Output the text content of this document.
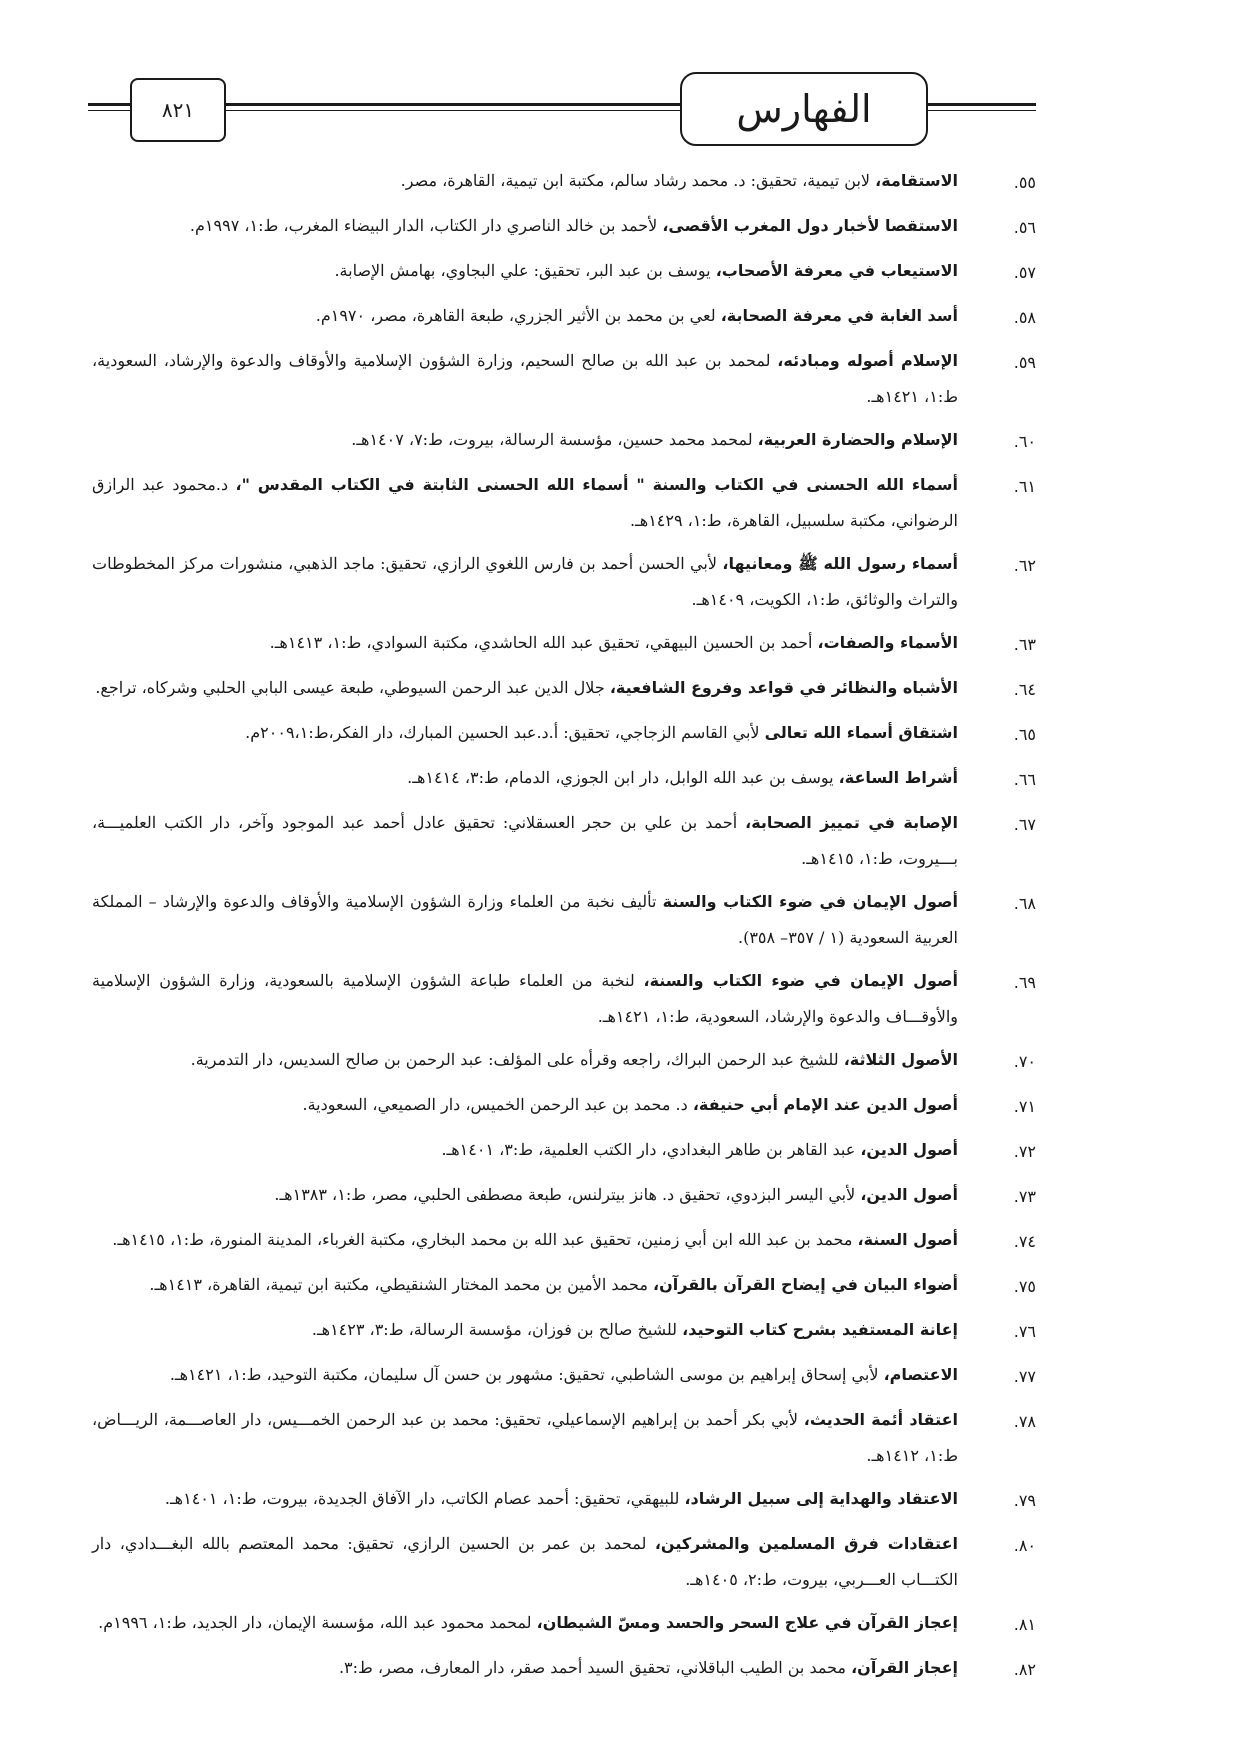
٨٢١	الفهارس
٥٥.
الاستقامة، لابن تيمية، تحقيق: د. محمد رشاد سالم، مكتبة ابن تيمية، القاهرة، مصر.
٥٦.
الاستقصا لأخبار دول المغرب الأقصى، لأحمد بن خالد الناصري دار الكتاب، الدار البيضاء المغرب، ط:١، ١٩٩٧م.
٥٧.
الاستيعاب في معرفة الأصحاب، يوسف بن عبد البر، تحقيق: علي البجاوي، بهامش الإصابة.
٥٨.
أسد الغابة في معرفة الصحابة، لعي بن محمد بن الأثير الجزري، طبعة القاهرة، مصر، ١٩٧٠م.
٥٩.
الإسلام أصوله ومبادئه، لمحمد بن عبد الله بن صالح السحيم، وزارة الشؤون الإسلامية والأوقاف والدعوة والإرشاد، السعودية، ط:١، ١٤٢١هـ.
٦٠.
الإسلام والحضارة العربية، لمحمد محمد حسين، مؤسسة الرسالة، بيروت، ط:٧، ١٤٠٧هـ.
٦١.
أسماء الله الحسنى في الكتاب والسنة " أسماء الله الحسنى الثابتة في الكتاب المقدس "، د.محمود عبد الرازق الرضواني، مكتبة سلسبيل، القاهرة، ط:١، ١٤٢٩هـ.
٦٢.
أسماء رسول الله ﷺ ومعانيها، لأبي الحسن أحمد بن فارس اللغوي الرازي، تحقيق: ماجد الذهبي، منشورات مركز المخطوطات والتراث والوثائق، ط:١، الكويت، ١٤٠٩هـ.
٦٣.
الأسماء والصفات، أحمد بن الحسين البيهقي، تحقيق عبد الله الحاشدي، مكتبة السوادي، ط:١، ١٤١٣هـ.
٦٤.
الأشباه والنظائر في قواعد وفروع الشافعية، جلال الدين عبد الرحمن السيوطي، طبعة عيسى البابي الحلبي وشركاه، تراجع.
٦٥.
اشتقاق أسماء الله تعالى لأبي القاسم الزجاجي، تحقيق: أ.د.عبد الحسين المبارك، دار الفكر،ط:٢٠٠٩،١م.
٦٦.
أشراط الساعة، يوسف بن عبد الله الوابل، دار ابن الجوزي، الدمام، ط:٣، ١٤١٤هـ.
٦٧.
الإصابة في تمييز الصحابة، أحمد بن علي بن حجر العسقلاني: تحقيق عادل أحمد عبد الموجود وآخر، دار الكتب العلميـــة، بـــيروت، ط:١، ١٤١٥هـ.
٦٨.
أصول الإيمان في ضوء الكتاب والسنة تأليف نخبة من العلماء وزارة الشؤون الإسلامية والأوقاف والدعوة والإرشاد – المملكة العربية السعودية (١ / ٣٥٧– ٣٥٨).
٦٩.
أصول الإيمان في ضوء الكتاب والسنة، لنخبة من العلماء طباعة الشؤون الإسلامية بالسعودية، وزارة الشؤون الإسلامية والأوقـــاف والدعوة والإرشاد، السعودية، ط:١، ١٤٢١هـ.
٧٠.
الأصول الثلاثة، للشيخ عبد الرحمن البراك، راجعه وقرأه على المؤلف: عبد الرحمن بن صالح السديس، دار التدمرية.
٧١.
أصول الدين عند الإمام أبي حنيفة، د. محمد بن عبد الرحمن الخميس، دار الصميعي، السعودية.
٧٢.
أصول الدين، عبد القاهر بن طاهر البغدادي، دار الكتب العلمية، ط:٣، ١٤٠١هـ.
٧٣.
أصول الدين، لأبي اليسر البزدوي، تحقيق د. هانز بيترلنس، طبعة مصطفى الحلبي، مصر، ط:١، ١٣٨٣هـ.
٧٤.
أصول السنة، محمد بن عبد الله ابن أبي زمنين، تحقيق عبد الله بن محمد البخاري، مكتبة الغرباء، المدينة المنورة، ط:١، ١٤١٥هـ.
٧٥.
أضواء البيان في إيضاح القرآن بالقرآن، محمد الأمين بن محمد المختار الشنقيطي، مكتبة ابن تيمية، القاهرة، ١٤١٣هـ.
٧٦.
إعانة المستفيد بشرح كتاب التوحيد، للشيخ صالح بن فوزان، مؤسسة الرسالة، ط:٣، ١٤٢٣هـ.
٧٧.
الاعتصام، لأبي إسحاق إبراهيم بن موسى الشاطبي، تحقيق: مشهور بن حسن آل سليمان، مكتبة التوحيد، ط:١، ١٤٢١هـ.
٧٨.
اعتقاد أئمة الحديث، لأبي بكر أحمد بن إبراهيم الإسماعيلي، تحقيق: محمد بن عبد الرحمن الخمـــيس، دار العاصـــمة، الريـــاض، ط:١، ١٤١٢هـ.
٧٩.
الاعتقاد والهداية إلى سبيل الرشاد، للبيهقي، تحقيق: أحمد عصام الكاتب، دار الآفاق الجديدة، بيروت، ط:١، ١٤٠١هـ.
٨٠.
اعتقادات فرق المسلمين والمشركين، لمحمد بن عمر بن الحسين الرازي، تحقيق: محمد المعتصم بالله البغـــدادي، دار الكتـــاب العـــربي، بيروت، ط:٢، ١٤٠٥هـ.
٨١.
إعجاز القرآن في علاج السحر والحسد ومسّ الشيطان، لمحمد محمود عبد الله، مؤسسة الإيمان، دار الجديد، ط:١، ١٩٩٦م.
٨٢.
إعجاز القرآن، محمد بن الطيب الباقلاني، تحقيق السيد أحمد صقر، دار المعارف، مصر، ط:٣.
